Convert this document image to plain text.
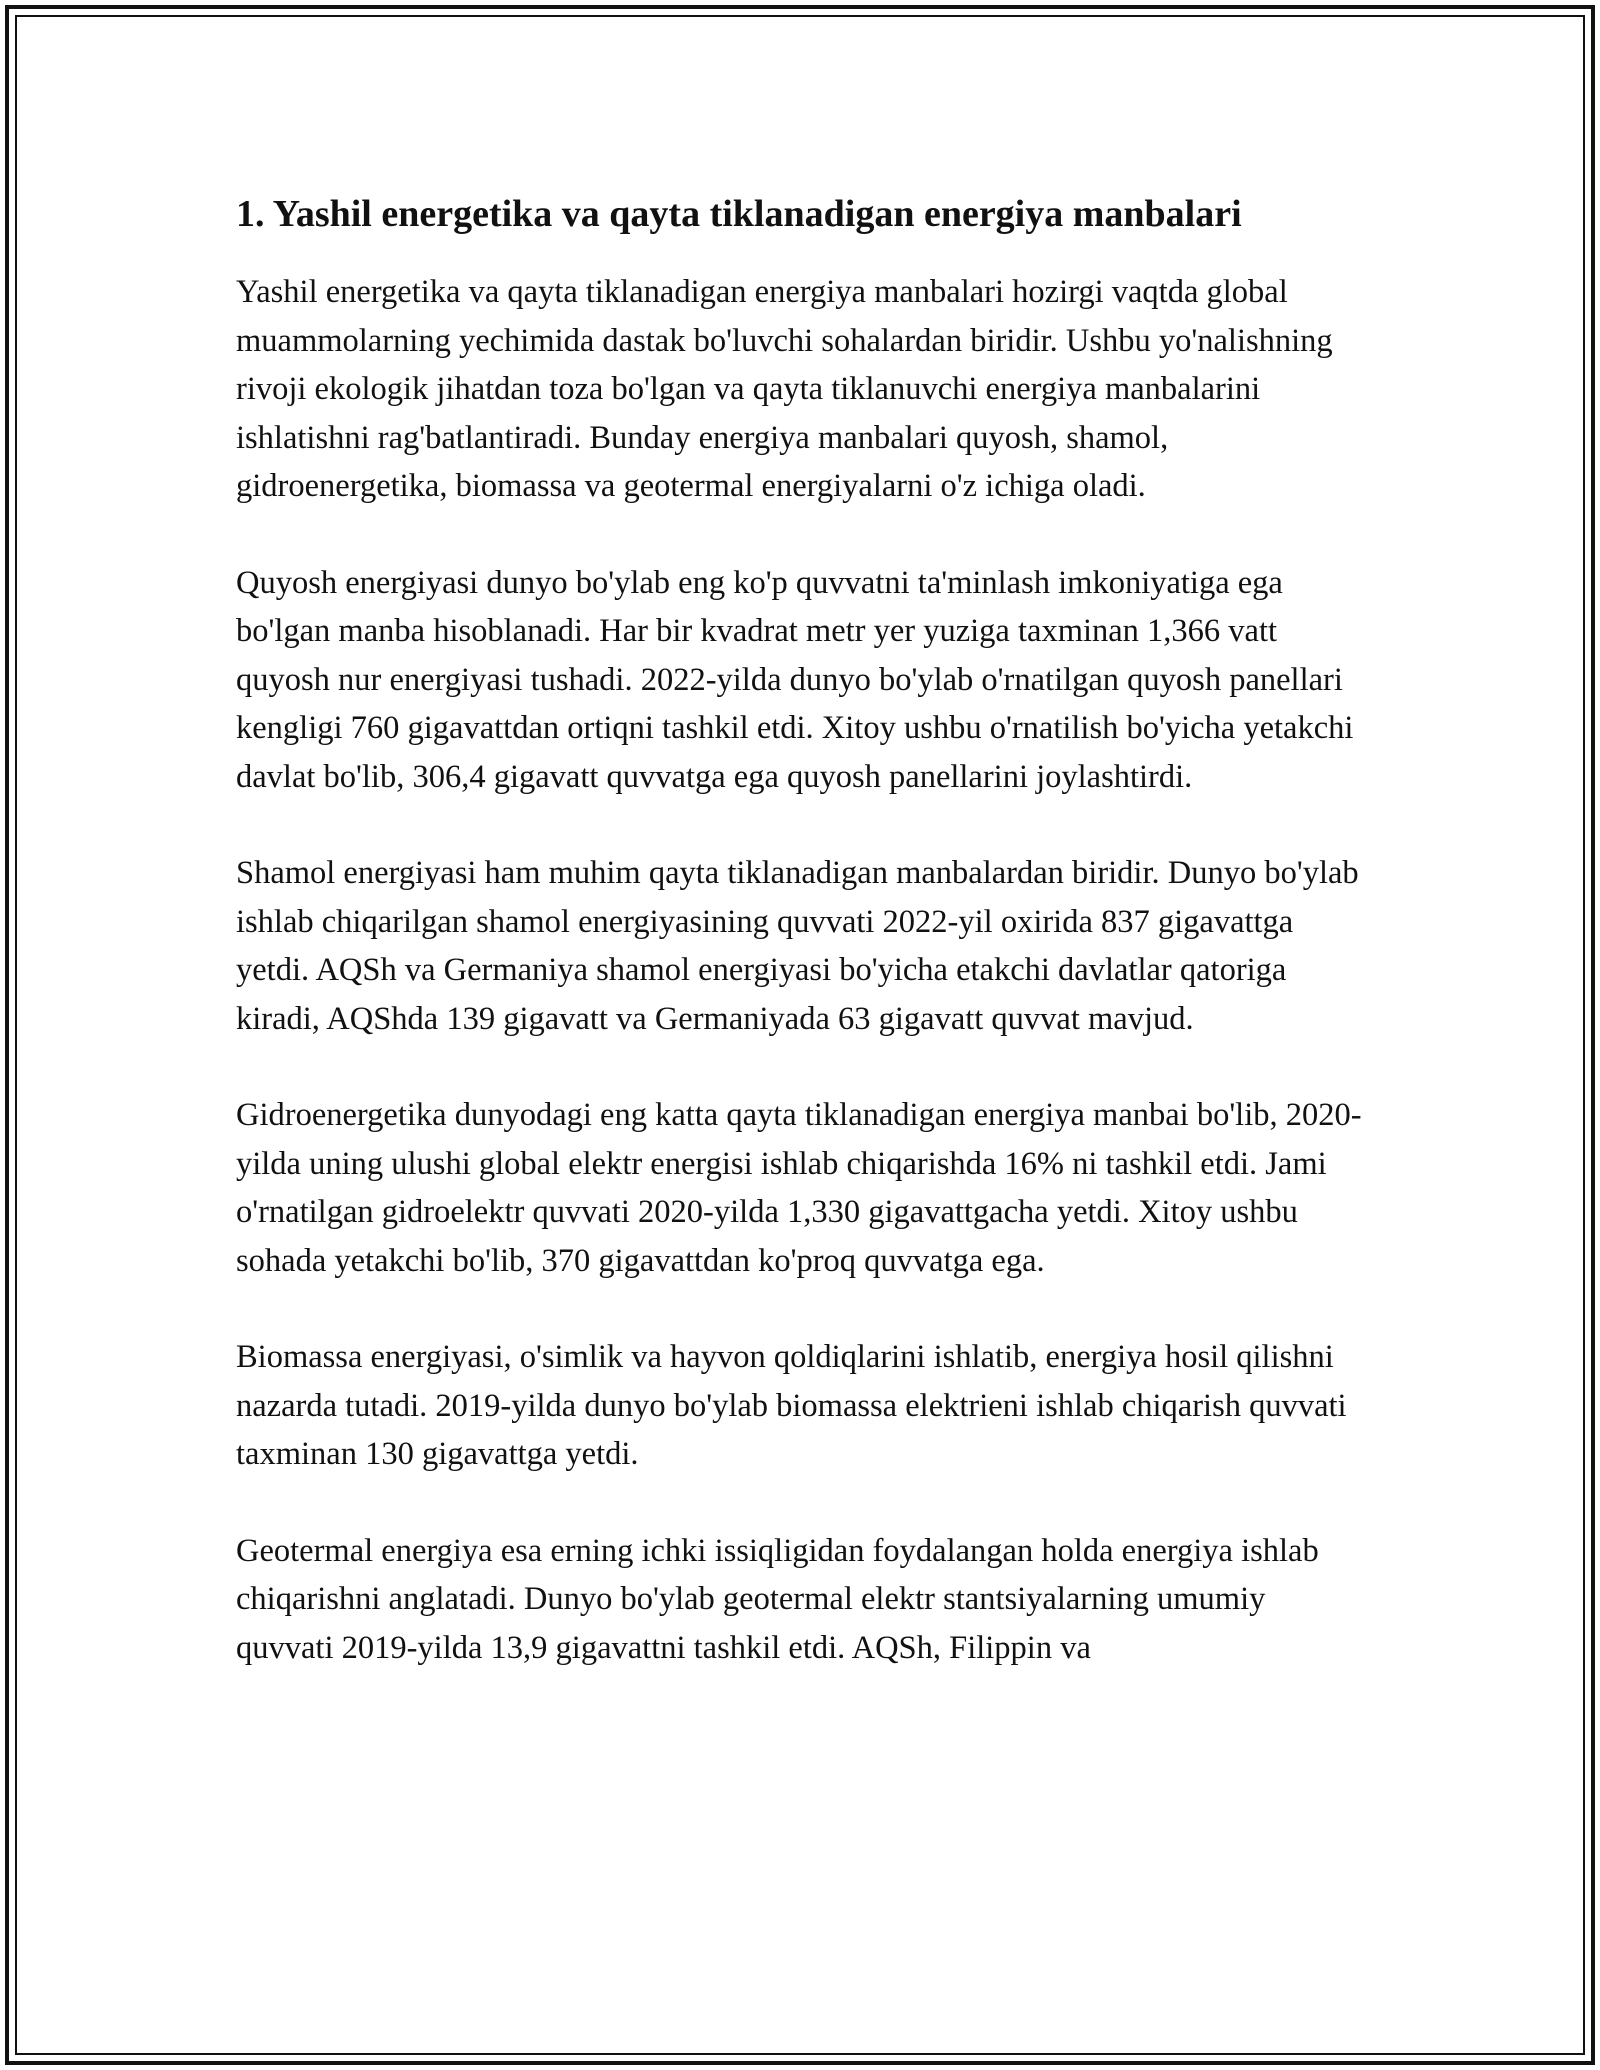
1. Yashil energetika va qayta tiklanadigan energiya manbalari

Yashil energetika va qayta tiklanadigan energiya manbalari hozirgi vaqtda global muammolarning yechimida dastak bo'luvchi sohalardan biridir. Ushbu yo'nalishning rivoji ekologik jihatdan toza bo'lgan va qayta tiklanuvchi energiya manbalarini ishlatishni rag'batlantiradi. Bunday energiya manbalari quyosh, shamol, gidroenergetika, biomassa va geotermal energiyalarni o'z ichiga oladi.

Quyosh energiyasi dunyo bo'ylab eng ko'p quvvatni ta'minlash imkoniyatiga ega bo'lgan manba hisoblanadi. Har bir kvadrat metr yer yuziga taxminan 1,366 vatt quyosh nur energiyasi tushadi. 2022-yilda dunyo bo'ylab o'rnatilgan quyosh panellari kengligi 760 gigavattdan ortiqni tashkil etdi. Xitoy ushbu o'rnatilish bo'yicha yetakchi davlat bo'lib, 306,4 gigavatt quvvatga ega quyosh panellarini joylashtirdi.

Shamol energiyasi ham muhim qayta tiklanadigan manbalardan biridir. Dunyo bo'ylab ishlab chiqarilgan shamol energiyasining quvvati 2022-yil oxirida 837 gigavattga yetdi. AQSh va Germaniya shamol energiyasi bo'yicha etakchi davlatlar qatoriga kiradi, AQShda 139 gigavatt va Germaniyada 63 gigavatt quvvat mavjud.

Gidroenergetika dunyodagi eng katta qayta tiklanadigan energiya manbai bo'lib, 2020-yilda uning ulushi global elektr energisi ishlab chiqarishda 16% ni tashkil etdi. Jami o'rnatilgan gidroelektr quvvati 2020-yilda 1,330 gigavattgacha yetdi. Xitoy ushbu sohada yetakchi bo'lib, 370 gigavattdan ko'proq quvvatga ega.

Biomassa energiyasi, o'simlik va hayvon qoldiqlarini ishlatib, energiya hosil qilishni nazarda tutadi. 2019-yilda dunyo bo'ylab biomassa elektrieni ishlab chiqarish quvvati taxminan 130 gigavattga yetdi.

Geotermal energiya esa erning ichki issiqligidan foydalangan holda energiya ishlab chiqarishni anglatadi. Dunyo bo'ylab geotermal elektr stantsiyalarning umumiy quvvati 2019-yilda 13,9 gigavattni tashkil etdi. AQSh, Filippin va
